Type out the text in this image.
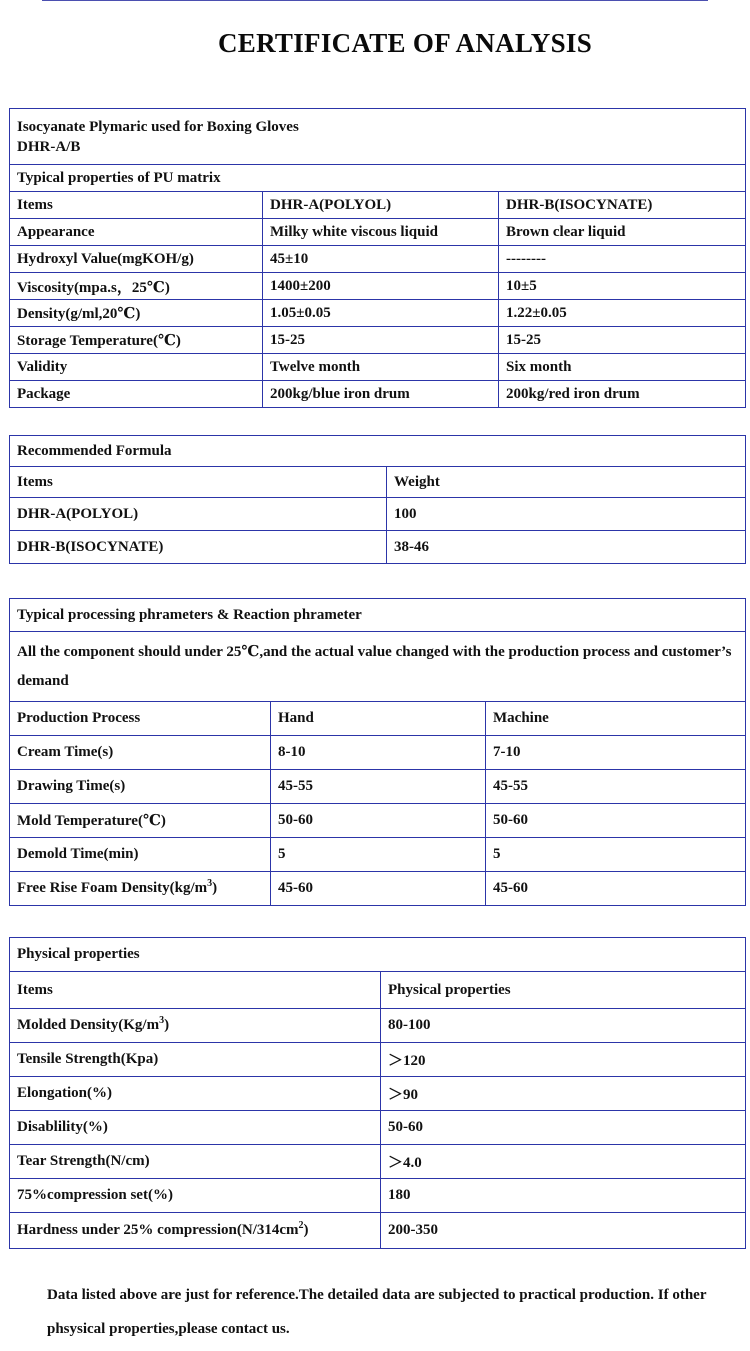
CERTIFICATE OF ANALYSIS
Isocyanate Plymaric used for Boxing Gloves
DHR-A/B		

Typical properties of PU matrix		
Items	DHR-A(POLYOL)	DHR-B(ISOCYNATE)
Appearance	Milky white viscous liquid	Brown clear liquid
Hydroxyl Value(mgKOH/g)	45±10	--------
Viscosity(mpa.s，25℃)	1400±200	10±5
Density(g/ml,20℃)	1.05±0.05	1.22±0.05
Storage Temperature(℃)	15-25	15-25
Validity	Twelve month	Six month
Package	200kg/blue iron drum	200kg/red iron drum
Recommended Formula	
Items	Weight
DHR-A(POLYOL)	100
DHR-B(ISOCYNATE)	38-46
Typical processing phrameters & Reaction phrameter		
All the component should under 25℃,and the actual value changed with the production process and customer’s demand		
Production Process	Hand	Machine
Cream Time(s)	8-10	7-10
Drawing Time(s)	45-55	45-55
Mold Temperature(℃)	50-60	50-60
Demold Time(min)	5	5
Free Rise Foam $Density(kg/m^3)$	45-60	45-60
Physical properties	
Items	Physical properties
Molded $Density(Kg/m^3)$	80-100
Tensile Strength(Kpa)	＞120
Elongation(%)	＞90
Disablility(%)	50-60
Tear Strength(N/cm)	＞4.0
75%compression set(%)	180
Hardness under 25% $compression(N/314cm^2)$	200-350
Data listed above are just for reference.The detailed data are subjected to practical production. If other phsysical properties,please contact us.
